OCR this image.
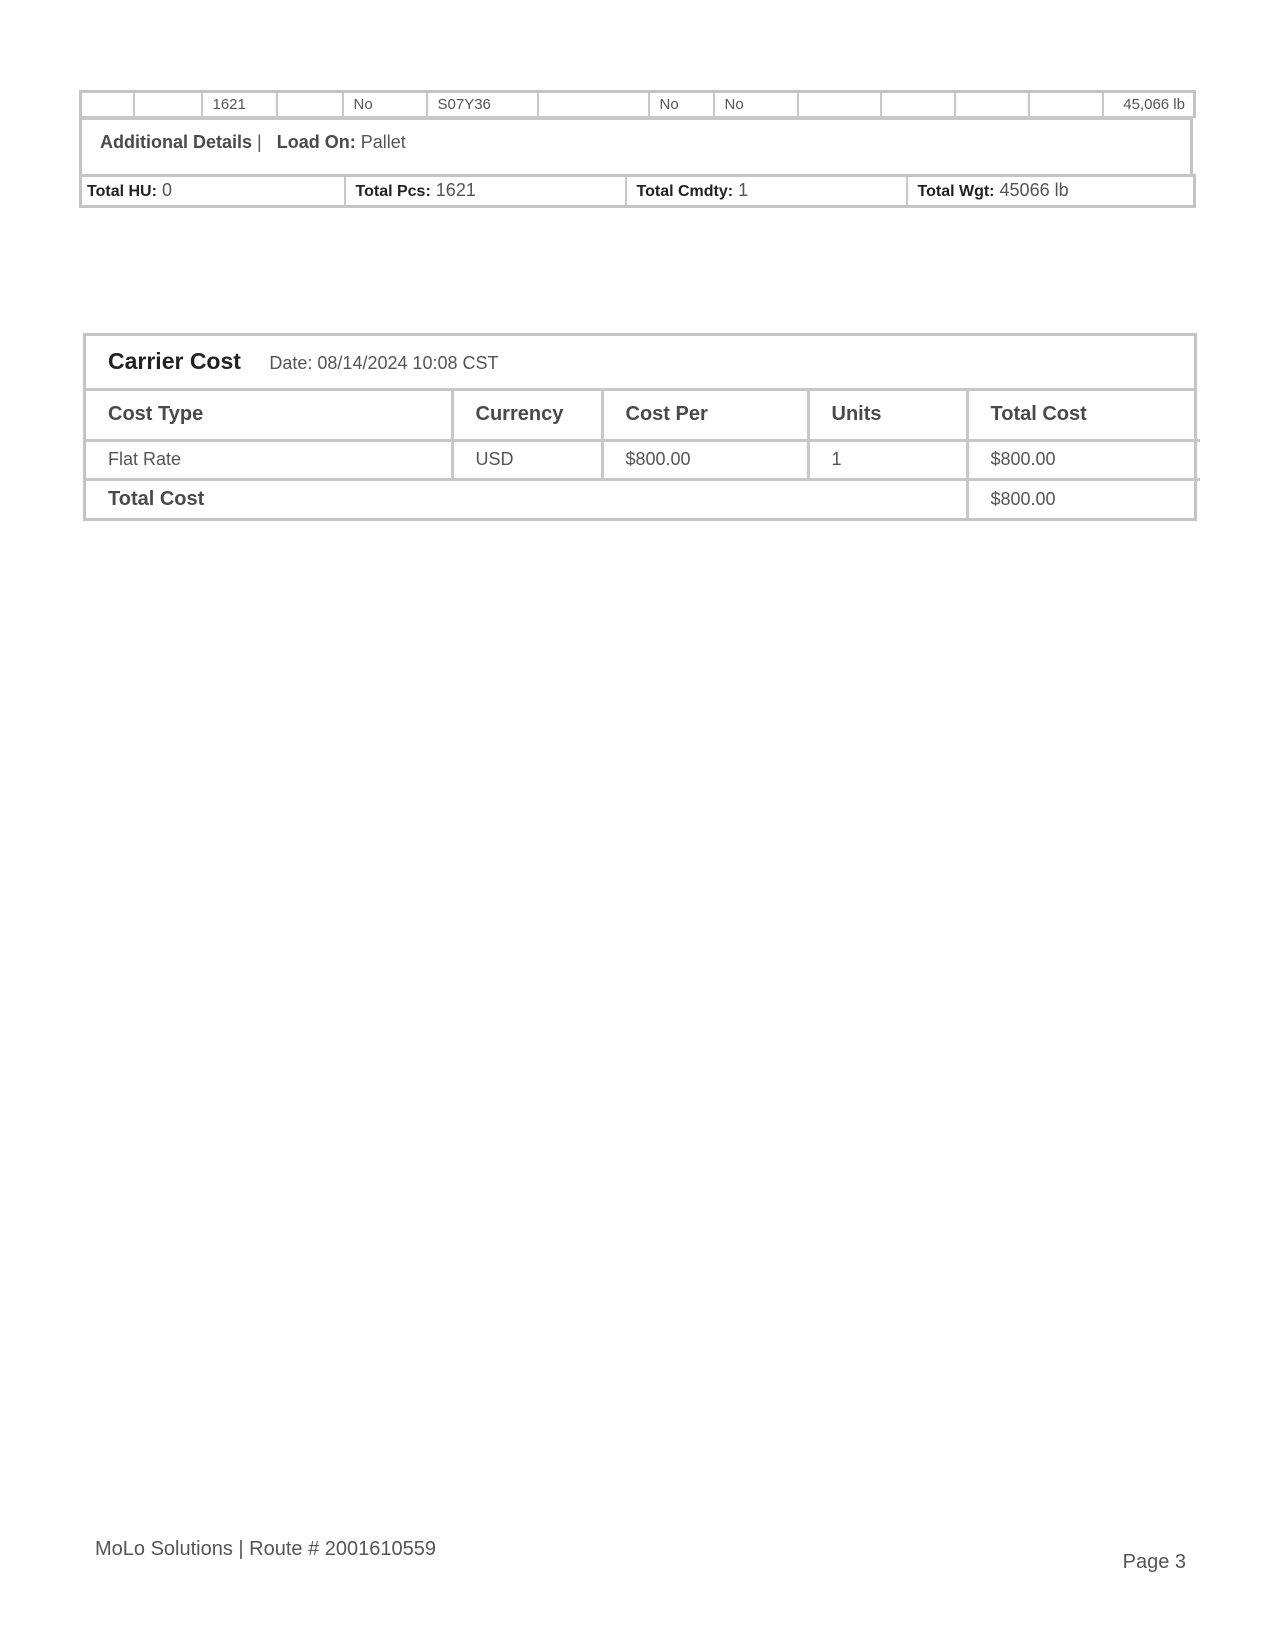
		1621		No	S07Y36		No	No					45,066 lb
Additional Details | Load On: Pallet
Total HU: 0	Total Pcs: 1621	Total Cmdty: 1	Total Wgt: 45066 lb
Carrier Cost Date: 08/14/2024 10:08 CST
Cost Type	Currency	Cost Per	Units	Total Cost
Flat Rate	USD	$800.00	1	$800.00
Total Cost				$800.00
MoLo Solutions | Route # 2001610559
Page 3
